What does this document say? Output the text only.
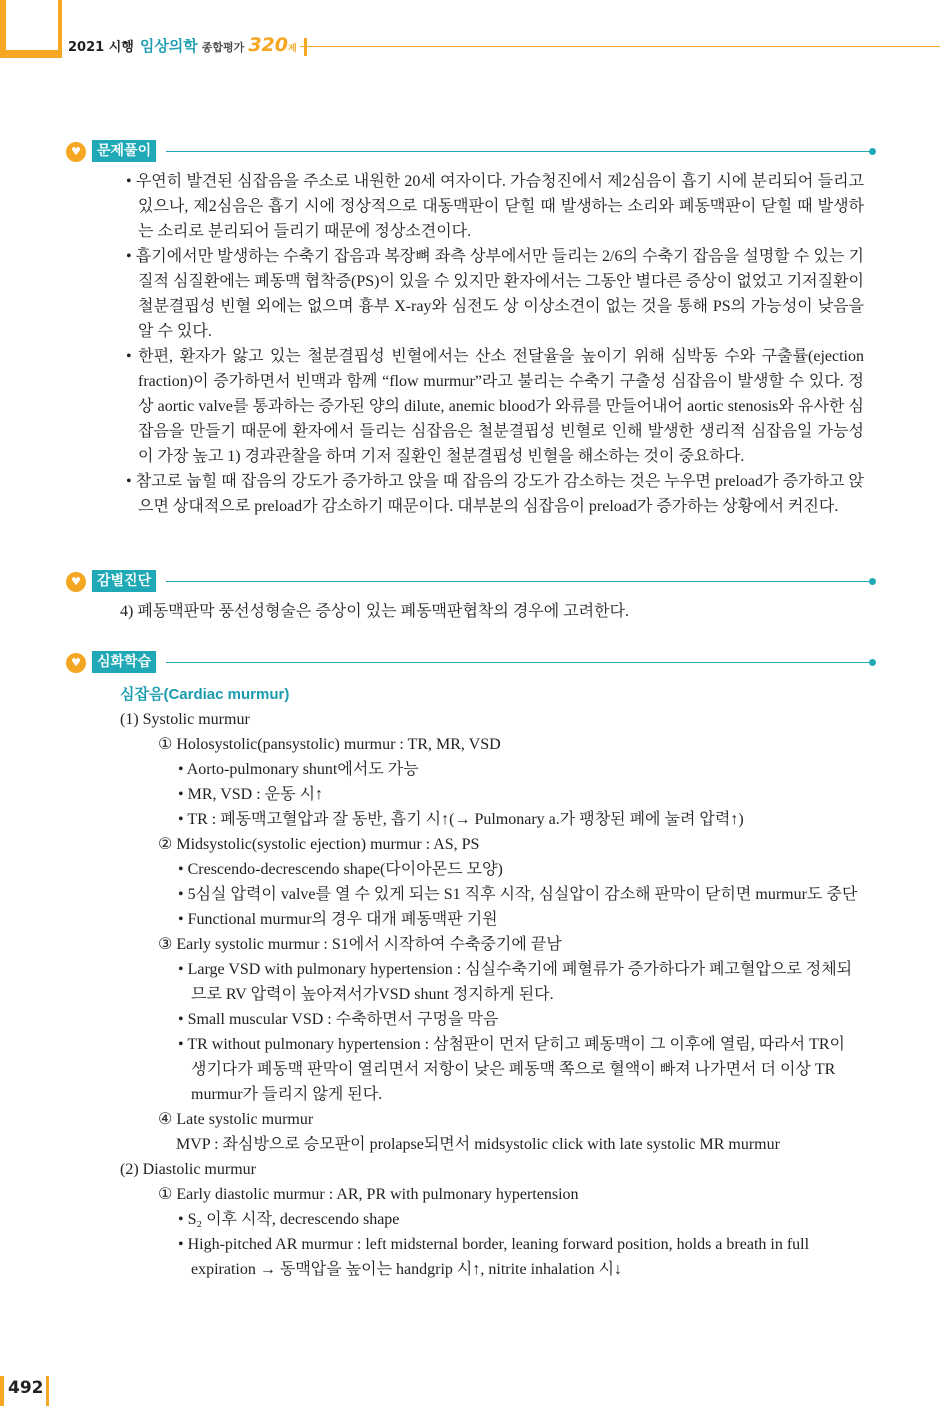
2021 시행 임상의학 종합평가 320 제
♥	문제풀이

• 우연히 발견된 심잡음을 주소로 내원한 20세 여자이다. 가슴청진에서 제2심음이 흡기 시에 분리되어 들리고 있으나, 제2심음은 흡기 시에 정상적으로 대동맥판이 닫힐 때 발생하는 소리와 폐동맥판이 닫힐 때 발생하는 소리로 분리되어 들리기 때문에 정상소견이다.

• 흡기에서만 발생하는 수축기 잡음과 복장뼈 좌측 상부에서만 들리는 2/6의 수축기 잡음을 설명할 수 있는 기질적 심질환에는 폐동맥 협착증(PS)이 있을 수 있지만 환자에서는 그동안 별다른 증상이 없었고 기저질환이 철분결핍성 빈혈 외에는 없으며 흉부 X-ray와 심전도 상 이상소견이 없는 것을 통해 PS의 가능성이 낮음을 알 수 있다.

• 한편, 환자가 앓고 있는 철분결핍성 빈혈에서는 산소 전달율을 높이기 위해 심박동 수와 구출률(ejection fraction)이 증가하면서 빈맥과 함께 “flow murmur”라고 불리는 수축기 구출성 심잡음이 발생할 수 있다. 정상 aortic valve를 통과하는 증가된 양의 dilute, anemic blood가 와류를 만들어내어 aortic stenosis와 유사한 심잡음을 만들기 때문에 환자에서 들리는 심잡음은 철분결핍성 빈혈로 인해 발생한 생리적 심잡음일 가능성이 가장 높고 1) 경과관찰을 하며 기저 질환인 철분결핍성 빈혈을 해소하는 것이 중요하다.

• 참고로 눕힐 때 잡음의 강도가 증가하고 앉을 때 잡음의 강도가 감소하는 것은 누우면 preload가 증가하고 앉으면 상대적으로 preload가 감소하기 때문이다. 대부분의 심잡음이 preload가 증가하는 상황에서 커진다.

♥	감별진단
4) 폐동맥판막 풍선성형술은 증상이 있는 폐동맥판협착의 경우에 고려한다.
♥	심화학습
심잡음(Cardiac murmur)
(1) Systolic murmur
① Holosystolic(pansystolic) murmur : TR, MR, VSD
• Aorto-pulmonary shunt에서도 가능
• MR, VSD : 운동 시↑
• TR : 폐동맥고혈압과 잘 동반, 흡기 시↑(→ Pulmonary a.가 팽창된 폐에 눌려 압력↑)
② Midsystolic(systolic ejection) murmur : AS, PS
• Crescendo-decrescendo shape(다이아몬드 모양)
• 5심실 압력이 valve를 열 수 있게 되는 S1 직후 시작, 심실압이 감소해 판막이 닫히면 murmur도 중단
• Functional murmur의 경우 대개 폐동맥판 기원
③ Early systolic murmur : S1에서 시작하여 수축중기에 끝남
• Large VSD with pulmonary hypertension : 심실수축기에 폐혈류가 증가하다가 폐고혈압으로 정체되므로 RV 압력이 높아져서가VSD shunt 정지하게 된다.
• Small muscular VSD : 수축하면서 구멍을 막음
• TR without pulmonary hypertension : 삼첨판이 먼저 닫히고 폐동맥이 그 이후에 열림, 따라서 TR이 생기다가 폐동맥 판막이 열리면서 저항이 낮은 폐동맥 쪽으로 혈액이 빠져 나가면서 더 이상 TR murmur가 들리지 않게 된다.
④ Late systolic murmur
MVP : 좌심방으로 승모판이 prolapse되면서 midsystolic click with late systolic MR murmur
(2) Diastolic murmur
① Early diastolic murmur : AR, PR with pulmonary hypertension
• S₂ 이후 시작, decrescendo shape
• High-pitched AR murmur : left midsternal border, leaning forward position, holds a breath in full expiration → 동맥압을 높이는 handgrip 시↑, nitrite inhalation 시↓
492
